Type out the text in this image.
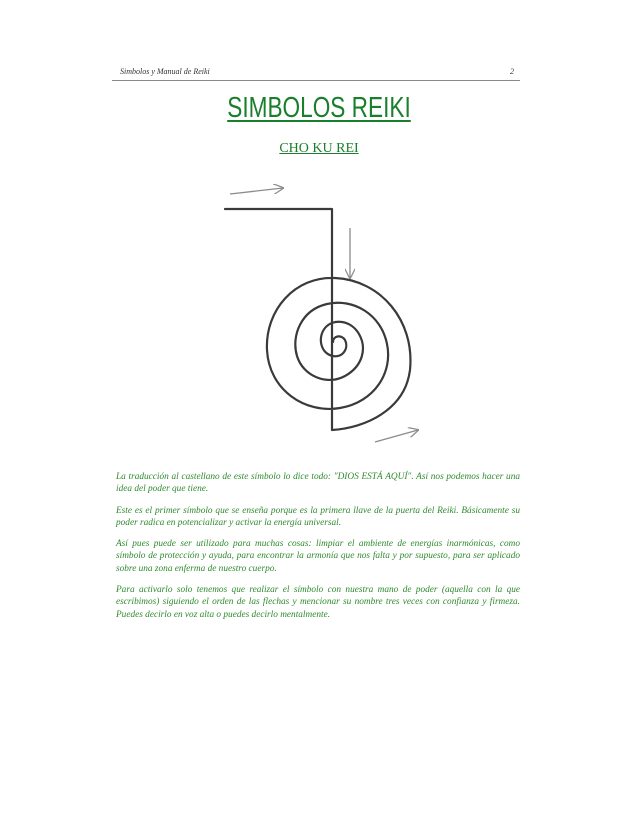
Simbolos y Manual de Reiki	2
SIMBOLOS REIKI
CHO KU REI

La traducción al castellano de este símbolo lo dice todo: "DIOS ESTÁ AQUÍ". Así nos podemos hacer una idea del poder que tiene.

Este es el primer símbolo que se enseña porque es la primera llave de la puerta del Reiki. Básicamente su poder radica en potencializar y activar la energía universal.

Así pues puede ser utilizado para muchas cosas: limpiar el ambiente de energías inarmónicas, como símbolo de protección y ayuda, para encontrar la armonía que nos falta y por supuesto, para ser aplicado sobre una zona enferma de nuestro cuerpo.

Para activarlo solo tenemos que realizar el símbolo con nuestra mano de poder (aquella con la que escribimos) siguiendo el orden de las flechas y mencionar su nombre tres veces con confianza y firmeza. Puedes decirlo en voz alta o puedes decirlo mentalmente.
